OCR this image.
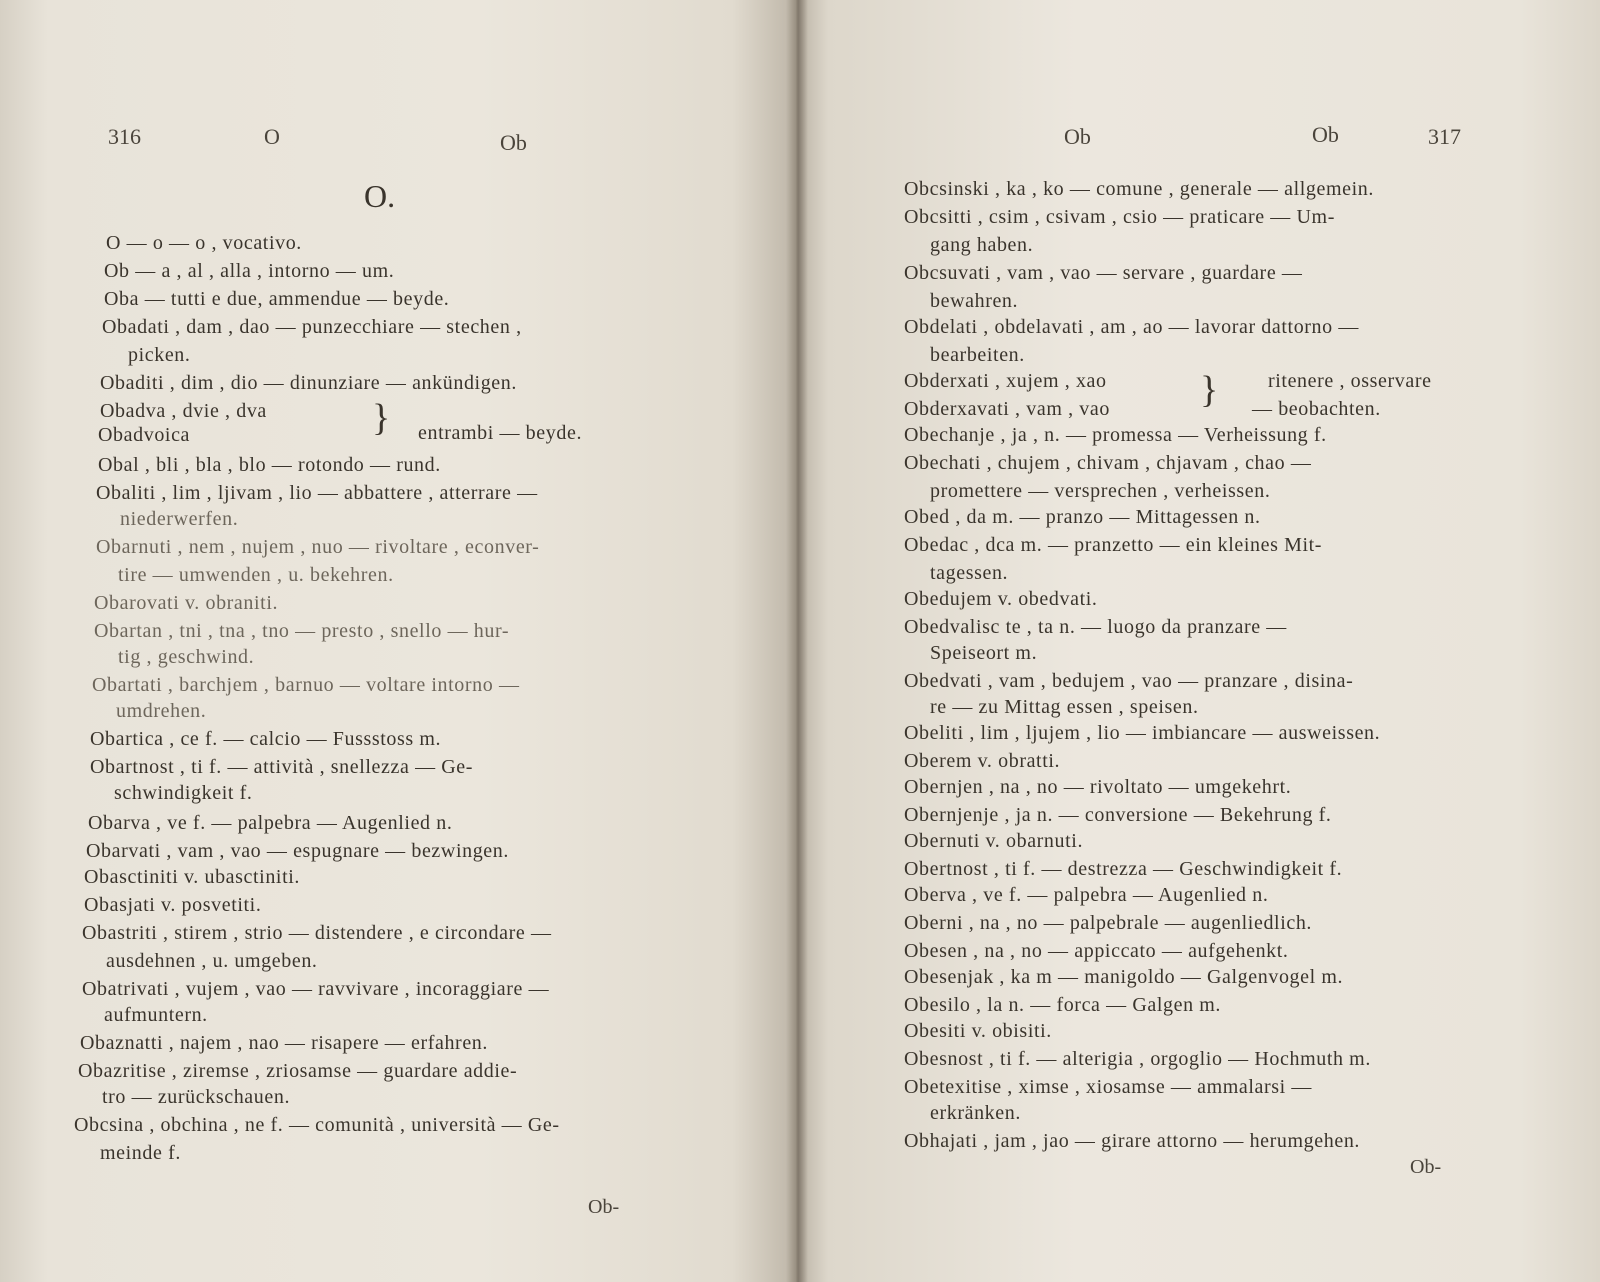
316	O	Ob
O.
O — o — o , vocativo.
Ob — a , al , alla , intorno — um.
Oba — tutti e due, ammendue — beyde.
Obadati , dam , dao — punzecchiare — stechen ,
picken.
Obaditi , dim , dio — dinunziare — ankündigen.
Obadva , dvie , dva
Obadvoica	} entrambi — beyde.
Obal , bli , bla , blo — rotondo — rund.
Obaliti , lim , ljivam , lio — abbattere , atterrare —
niederwerfen.
Obarnuti , nem , nujem , nuo — rivoltare , econver-
tire — umwenden , u. bekehren.
Obarovati v. obraniti.
Obartan , tni , tna , tno — presto , snello — hur-
tig , geschwind.
Obartati , barchjem , barnuo — voltare intorno —
umdrehen.
Obartica , ce f. — calcio — Fussstoss m.
Obartnost , ti f. — attività , snellezza — Ge-
schwindigkeit f.
Obarva , ve f. — palpebra — Augenlied n.
Obarvati , vam , vao — espugnare — bezwingen.
Obasctiniti v. ubasctiniti.
Obasjati v. posvetiti.
Obastriti , stirem , strio — distendere , e circondare —
ausdehnen , u. umgeben.
Obatrivati , vujem , vao — ravvivare , incoraggiare —
aufmuntern.
Obaznatti , najem , nao — risapere — erfahren.
Obazritise , ziremse , zriosamse — guardare addie-
tro — zurückschauen.
Obcsina , obchina , ne f. — comunità , università — Ge-
meinde f.
Ob-
Ob	Ob	317
Obcsinski , ka , ko — comune , generale — allgemein.
Obcsitti , csim , csivam , csio — praticare — Um-
gang haben.
Obcsuvati , vam , vao — servare , guardare —
bewahren.
Obdelati , obdelavati , am , ao — lavorar dattorno —
bearbeiten.
Obderxati , xujem , xao
Obderxavati , vam , vao } ritenere , osservare
— beobachten.
Obechanje , ja , n. — promessa — Verheissung f.
Obechati , chujem , chivam , chjavam , chao —
promettere — versprechen , verheissen.
Obed , da m. — pranzo — Mittagessen n.
Obedac , dca m. — pranzetto — ein kleines Mit-
tagessen.
Obedujem v. obedvati.
Obedvalisc te , ta n. — luogo da pranzare —
Speiseort m.
Obedvati , vam , bedujem , vao — pranzare , disina-
re — zu Mittag essen , speisen.
Obeliti , lim , ljujem , lio — imbiancare — ausweissen.
Oberem v. obratti.
Obernjen , na , no — rivoltato — umgekehrt.
Obernjenje , ja n. — conversione — Bekehrung f.
Obernuti v. obarnuti.
Obertnost , ti f. — destrezza — Geschwindigkeit f.
Oberva , ve f. — palpebra — Augenlied n.
Oberni , na , no — palpebrale — augenliedlich.
Obesen , na , no — appiccato — aufgehenkt.
Obesenjak , ka m — manigoldo — Galgenvogel m.
Obesilo , la n. — forca — Galgen m.
Obesiti v. obisiti.
Obesnost , ti f. — alterigia , orgoglio — Hochmuth m.
Obetexitise , ximse , xiosamse — ammalarsi —
erkränken.
Obhajati , jam , jao — girare attorno — herumgehen.
Ob-
